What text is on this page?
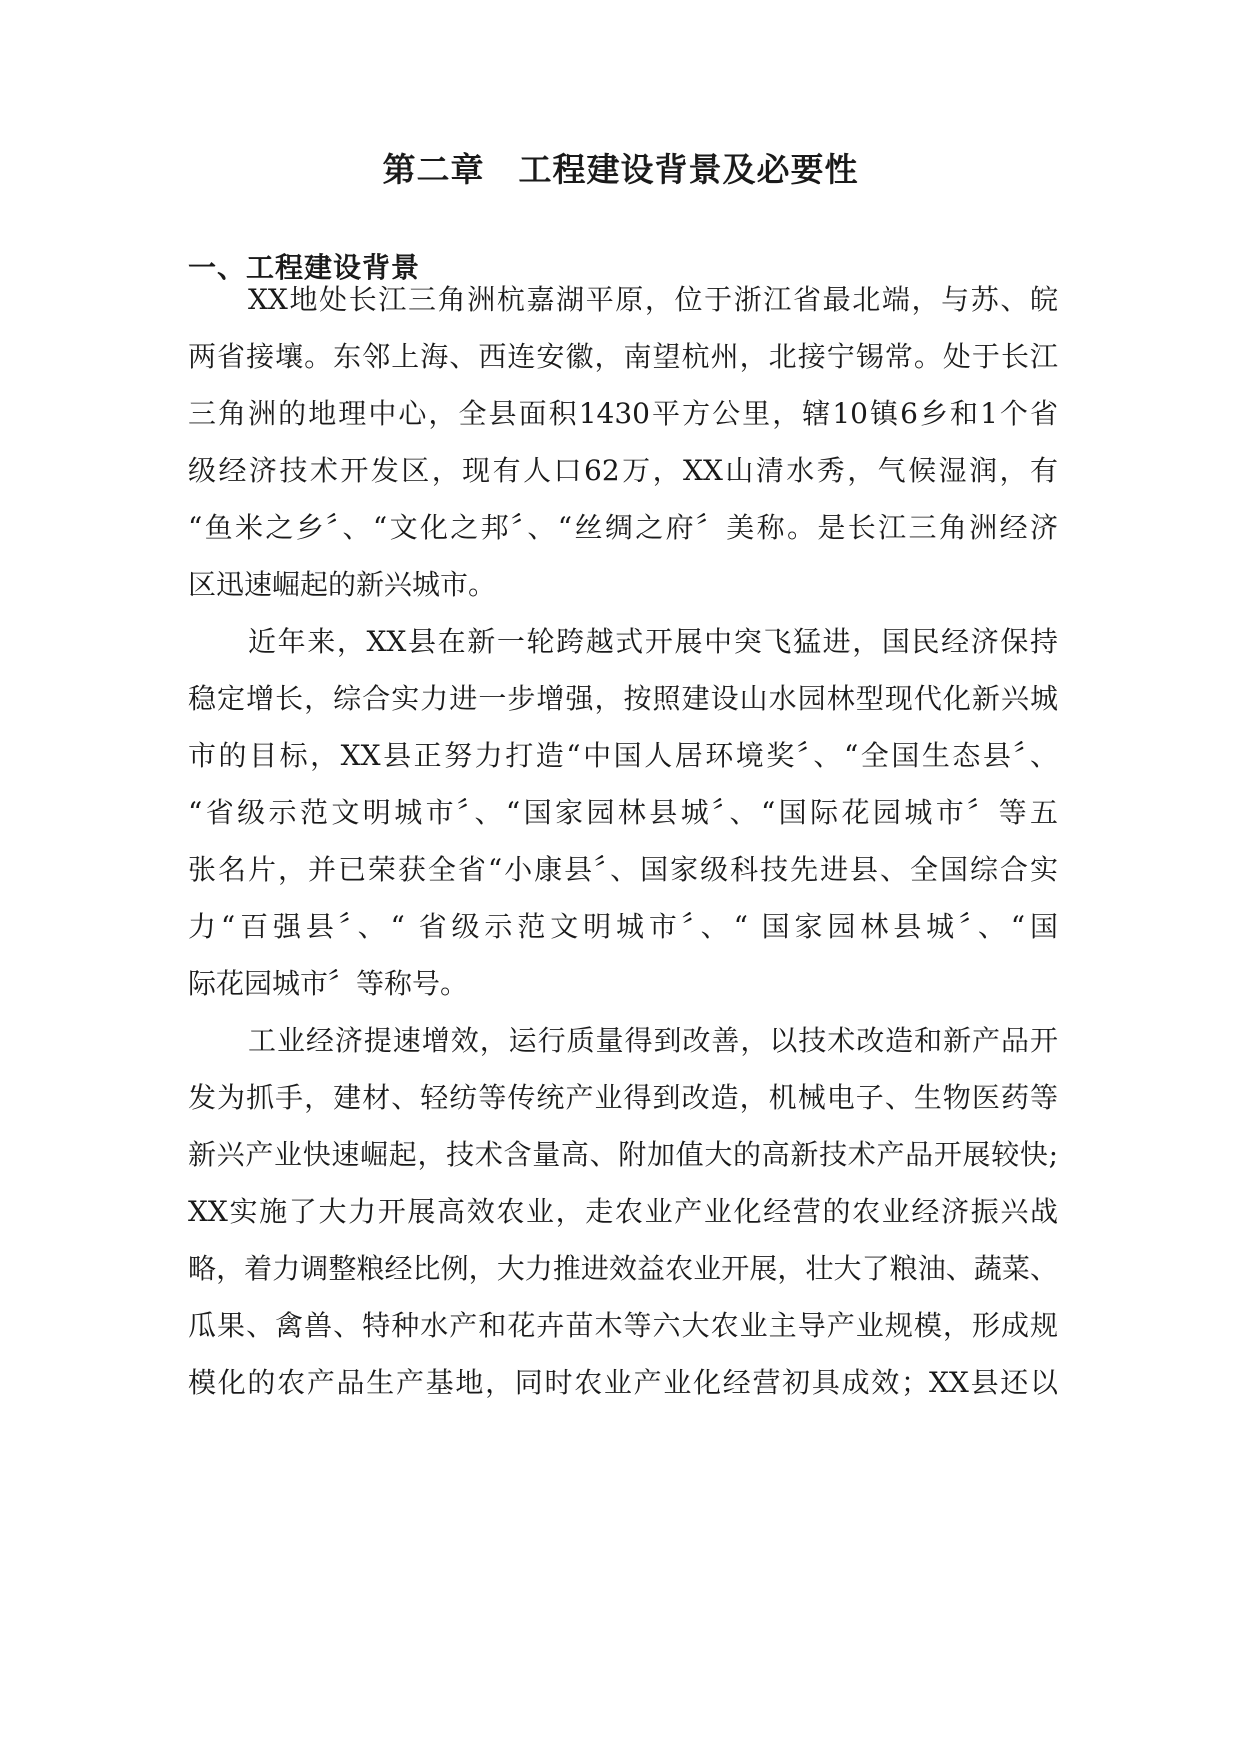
第二章　工程建设背景及必要性
一、工程建设背景
XX地处长江三角洲杭嘉湖平原，位于浙江省最北端，与苏、皖
两省接壤。东邻上海、西连安徽，南望杭州，北接宁锡常。处于长江
三角洲的地理中心，全县面积1430平方公里，辖10镇6乡和1个省
级经济技术开发区，现有人口62万，XX山清水秀，气候湿润，有
“鱼米之乡〞、“文化之邦〞、“丝绸之府〞美称。是长江三角洲经济
区迅速崛起的新兴城市。
近年来，XX县在新一轮跨越式开展中突飞猛进，国民经济保持
稳定增长，综合实力进一步增强，按照建设山水园林型现代化新兴城
市的目标，XX县正努力打造“中国人居环境奖〞、“全国生态县〞、
“省级示范文明城市〞、“国家园林县城〞、“国际花园城市〞等五
张名片，并已荣获全省“小康县〞、国家级科技先进县、全国综合实
力“百强县〞、“ 省级示范文明城市〞、“ 国家园林县城〞、“国
际花园城市〞等称号。
工业经济提速增效，运行质量得到改善，以技术改造和新产品开
发为抓手，建材、轻纺等传统产业得到改造，机械电子、生物医药等
新兴产业快速崛起，技术含量高、附加值大的高新技术产品开展较快;
XX实施了大力开展高效农业，走农业产业化经营的农业经济振兴战
略，着力调整粮经比例，大力推进效益农业开展，壮大了粮油、蔬菜、
瓜果、禽兽、特种水产和花卉苗木等六大农业主导产业规模，形成规
模化的农产品生产基地，同时农业产业化经营初具成效；XX县还以
